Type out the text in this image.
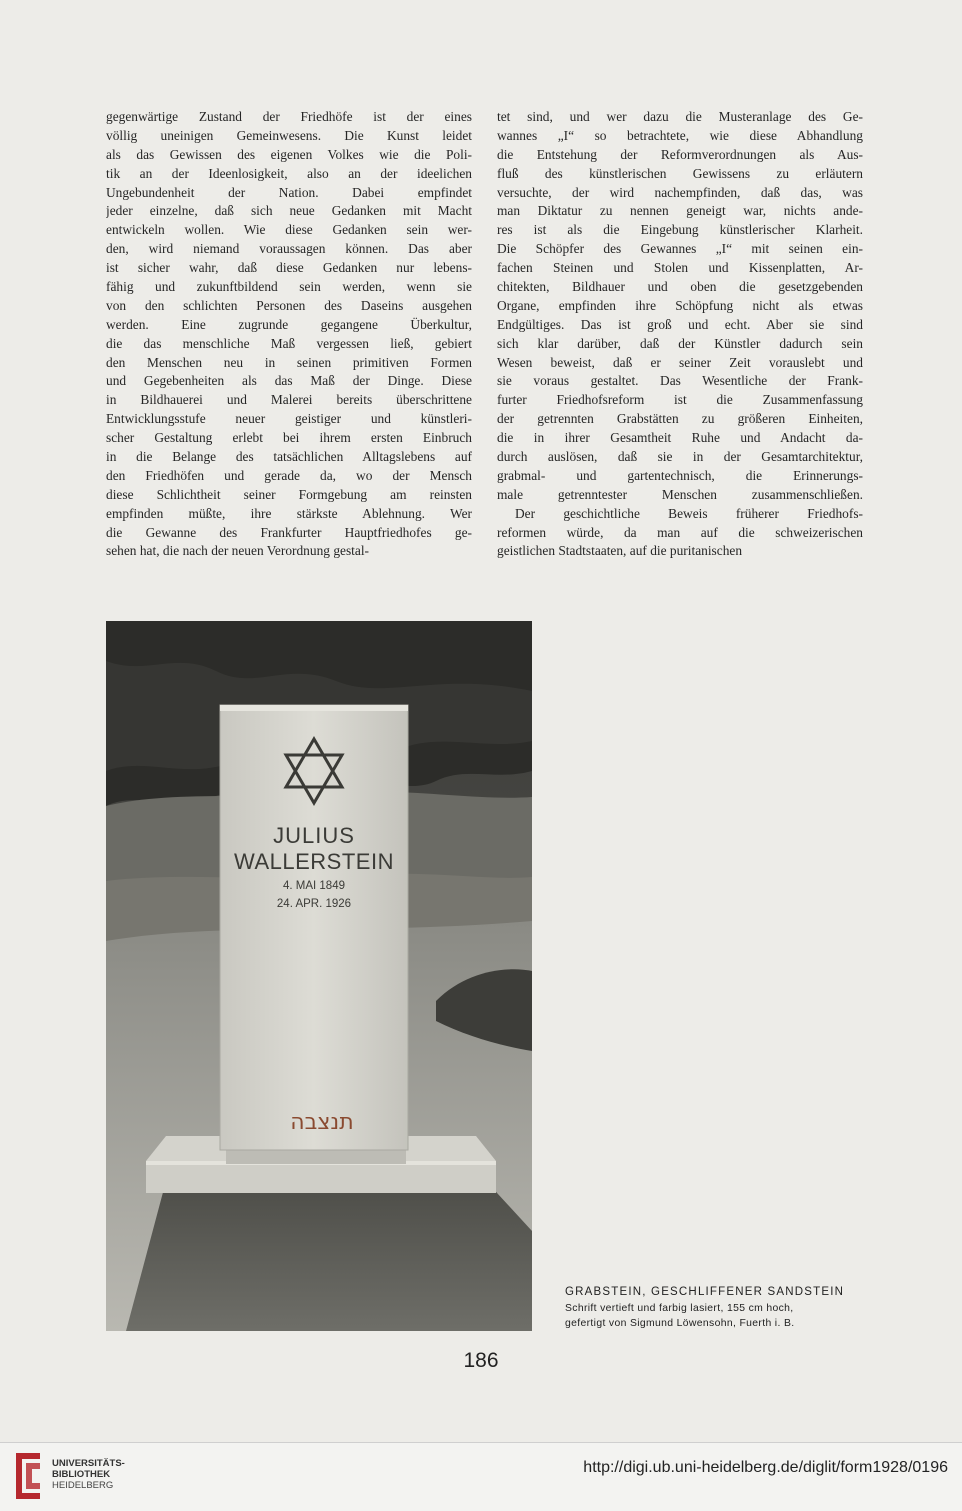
gegenwärtige Zustand der Friedhöfe ist der eines
völlig uneinigen Gemeinwesens. Die Kunst leidet
als das Gewissen des eigenen Volkes wie die Poli-
tik an der Ideenlosigkeit, also an der ideelichen
Ungebundenheit der Nation. Dabei empfindet
jeder einzelne, daß sich neue Gedanken mit Macht
entwickeln wollen. Wie diese Gedanken sein wer-
den, wird niemand voraussagen können. Das aber
ist sicher wahr, daß diese Gedanken nur lebens-
fähig und zukunftbildend sein werden, wenn sie
von den schlichten Personen des Daseins ausgehen
werden. Eine zugrunde gegangene Überkultur,
die das menschliche Maß vergessen ließ, gebiert
den Menschen neu in seinen primitiven Formen
und Gegebenheiten als das Maß der Dinge. Diese
in Bildhauerei und Malerei bereits überschrittene
Entwicklungsstufe neuer geistiger und künstleri-
scher Gestaltung erlebt bei ihrem ersten Einbruch
in die Belange des tatsächlichen Alltagslebens auf
den Friedhöfen und gerade da, wo der Mensch
diese Schlichtheit seiner Formgebung am reinsten
empfinden müßte, ihre stärkste Ablehnung. Wer
die Gewanne des Frankfurter Hauptfriedhofes ge-
sehen hat, die nach der neuen Verordnung gestal-
tet sind, und wer dazu die Musteranlage des Ge-
wannes „I“ so betrachtete, wie diese Abhandlung
die Entstehung der Reformverordnungen als Aus-
fluß des künstlerischen Gewissens zu erläutern
versuchte, der wird nachempfinden, daß das, was
man Diktatur zu nennen geneigt war, nichts ande-
res ist als die Eingebung künstlerischer Klarheit.
Die Schöpfer des Gewannes „I“ mit seinen ein-
fachen Steinen und Stolen und Kissenplatten, Ar-
chitekten, Bildhauer und oben die gesetzgebenden
Organe, empfinden ihre Schöpfung nicht als etwas
Endgültiges. Das ist groß und echt. Aber sie sind
sich klar darüber, daß der Künstler dadurch sein
Wesen beweist, daß er seiner Zeit vorauslebt und
sie voraus gestaltet. Das Wesentliche der Frank-
furter Friedhofsreform ist die Zusammenfassung
der getrennten Grabstätten zu größeren Einheiten,
die in ihrer Gesamtheit Ruhe und Andacht da-
durch auslösen, daß sie in der Gesamtarchitektur,
grabmal- und gartentechnisch, die Erinnerungs-
male getrenntester Menschen zusammenschließen.
Der geschichtliche Beweis früherer Friedhofs-
reformen würde, da man auf die schweizerischen
geistlichen Stadtstaaten, auf die puritanischen
JULIUS
WALLERSTEIN
4. MAI 1849
24. APR. 1926
תנצבה
GRABSTEIN, GESCHLIFFENER SANDSTEIN
Schrift vertieft und farbig lasiert, 155 cm hoch,
gefertigt von Sigmund Löwensohn, Fuerth i. B.
186
UNIVERSITÄTS-
BIBLIOTHEK
HEIDELBERG
http://digi.ub.uni-heidelberg.de/diglit/form1928/0196
